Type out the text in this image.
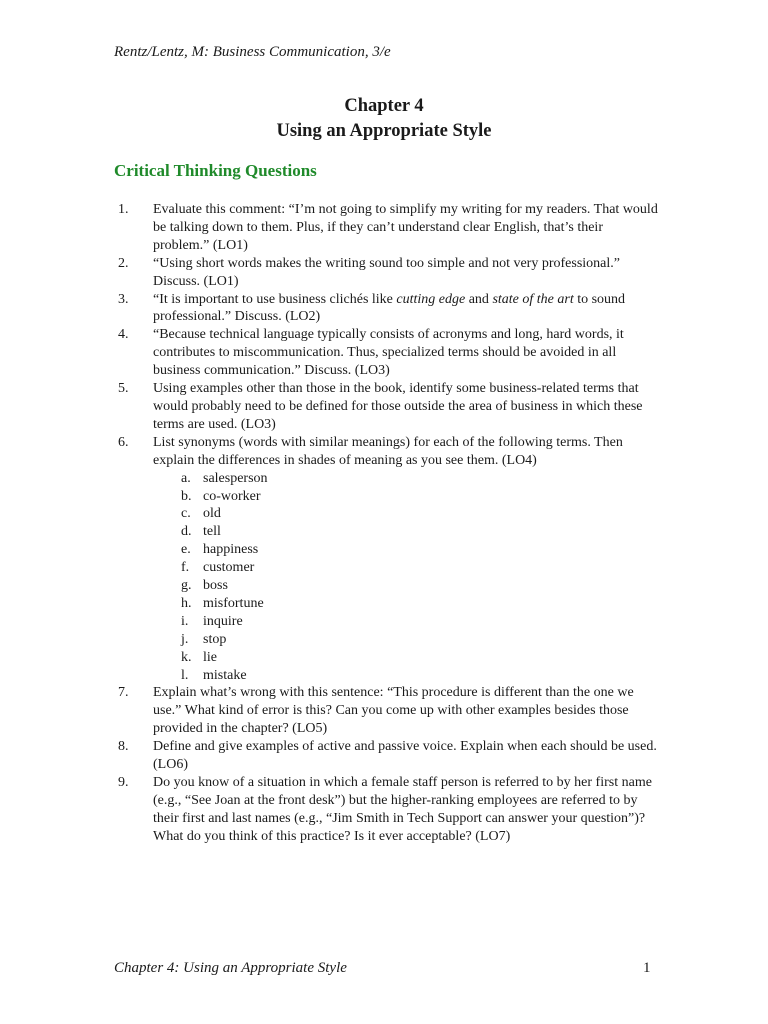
Rentz/Lentz, M: Business Communication, 3/e

Chapter 4
Using an Appropriate Style
Critical Thinking Questions
1. Evaluate this comment: “I’m not going to simplify my writing for my readers. That would be talking down to them. Plus, if they can’t understand clear English, that’s their problem.” (LO1)
2. “Using short words makes the writing sound too simple and not very professional.” Discuss. (LO1)
3. “It is important to use business clichés like cutting edge and state of the art to sound professional.” Discuss. (LO2)
4. “Because technical language typically consists of acronyms and long, hard words, it contributes to miscommunication. Thus, specialized terms should be avoided in all business communication.” Discuss. (LO3)
5. Using examples other than those in the book, identify some business-related terms that would probably need to be defined for those outside the area of business in which these terms are used. (LO3)
6. List synonyms (words with similar meanings) for each of the following terms. Then explain the differences in shades of meaning as you see them. (LO4)
a. salesperson
b. co-worker
c. old
d. tell
e. happiness
f. customer
g. boss
h. misfortune
i. inquire
j. stop
k. lie
l. mistake
7. Explain what’s wrong with this sentence: “This procedure is different than the one we use.” What kind of error is this? Can you come up with other examples besides those provided in the chapter? (LO5)
8. Define and give examples of active and passive voice. Explain when each should be used. (LO6)
9. Do you know of a situation in which a female staff person is referred to by her first name (e.g., “See Joan at the front desk”) but the higher-ranking employees are referred to by their first and last names (e.g., “Jim Smith in Tech Support can answer your question”)? What do you think of this practice? Is it ever acceptable? (LO7)

Chapter 4: Using an Appropriate Style	1
